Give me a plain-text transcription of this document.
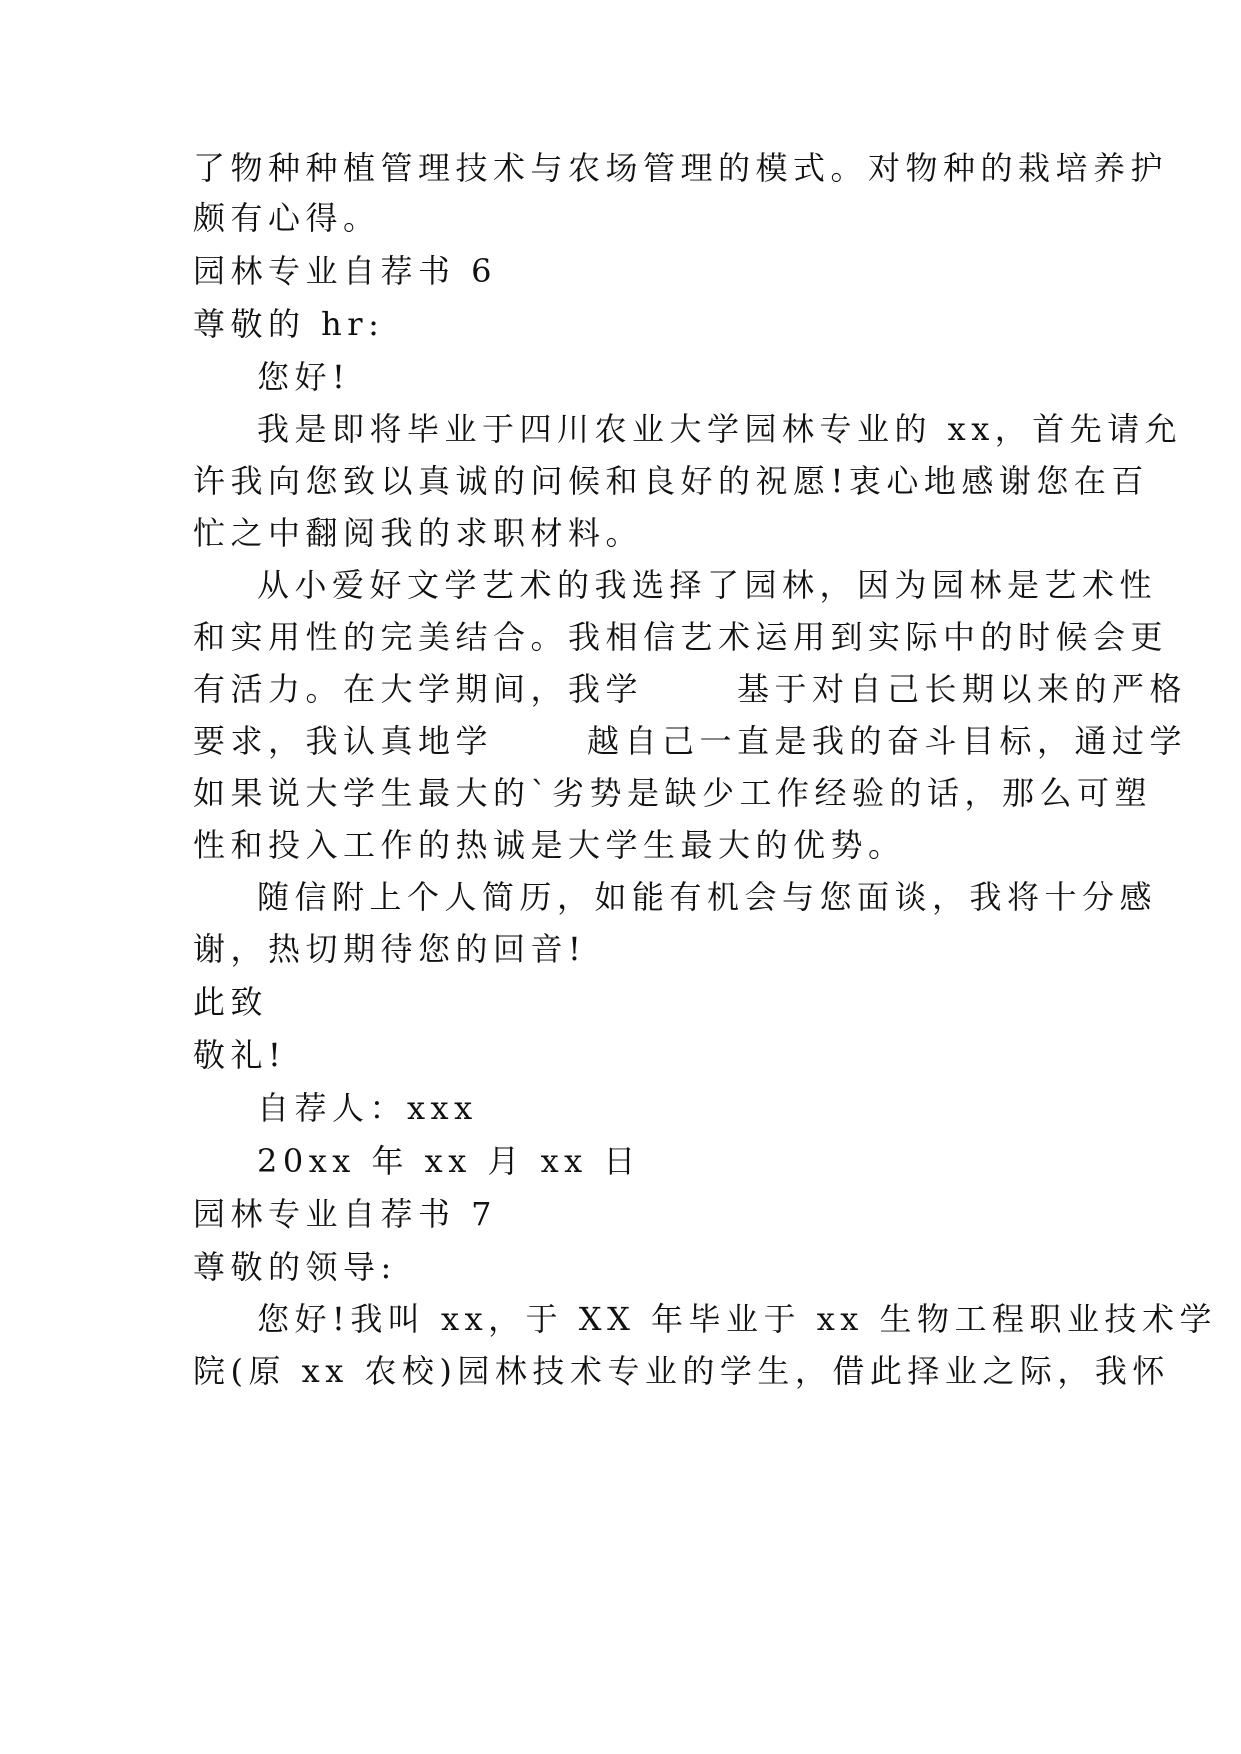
了物种种植管理技术与农场管理的模式。对物种的栽培养护
颇有心得。
园林专业自荐书 6
尊敬的 hr:
您好!
我是即将毕业于四川农业大学园林专业的 xx，首先请允
许我向您致以真诚的问候和良好的祝愿!衷心地感谢您在百
忙之中翻阅我的求职材料。
从小爱好文学艺术的我选择了园林，因为园林是艺术性
和实用性的完美结合。我相信艺术运用到实际中的时候会更
有活力。在大学期间，我学      基于对自己长期以来的严格
要求，我认真地学      越自己一直是我的奋斗目标，通过学
如果说大学生最大的`劣势是缺少工作经验的话，那么可塑
性和投入工作的热诚是大学生最大的优势。
随信附上个人简历，如能有机会与您面谈，我将十分感
谢，热切期待您的回音!
此致
敬礼!
自荐人：xxx
20xx 年 xx 月 xx 日
园林专业自荐书 7
尊敬的领导:
您好!我叫 xx，于 XX 年毕业于 xx 生物工程职业技术学
院(原 xx 农校)园林技术专业的学生，借此择业之际，我怀
